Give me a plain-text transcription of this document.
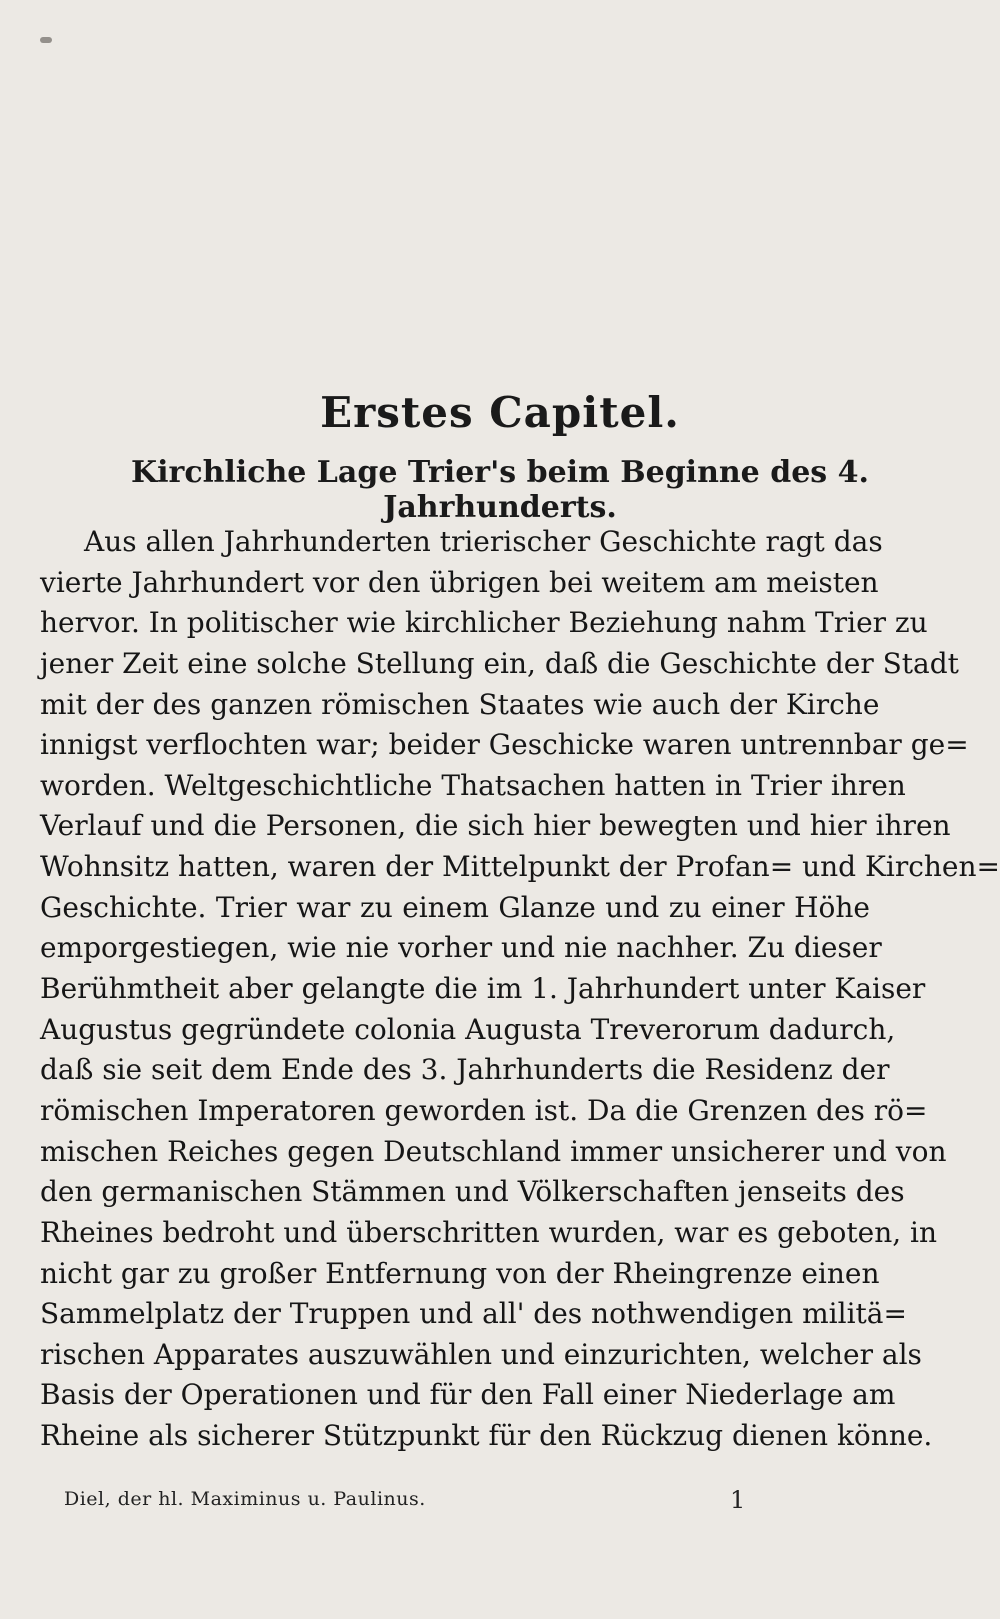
Erstes Capitel.
Kirchliche Lage Trier's beim Beginne des 4. Jahrhunderts.
Aus allen Jahrhunderten trierischer Geschichte ragt das
vierte Jahrhundert vor den übrigen bei weitem am meisten
hervor. In politischer wie kirchlicher Beziehung nahm Trier zu
jener Zeit eine solche Stellung ein, daß die Geschichte der Stadt
mit der des ganzen römischen Staates wie auch der Kirche
innigst verflochten war; beider Geschicke waren untrennbar ge=
worden. Weltgeschichtliche Thatsachen hatten in Trier ihren
Verlauf und die Personen, die sich hier bewegten und hier ihren
Wohnsitz hatten, waren der Mittelpunkt der Profan= und Kirchen=
Geschichte. Trier war zu einem Glanze und zu einer Höhe
emporgestiegen, wie nie vorher und nie nachher. Zu dieser
Berühmtheit aber gelangte die im 1. Jahrhundert unter Kaiser
Augustus gegründete colonia Augusta Treverorum dadurch,
daß sie seit dem Ende des 3. Jahrhunderts die Residenz der
römischen Imperatoren geworden ist. Da die Grenzen des rö=
mischen Reiches gegen Deutschland immer unsicherer und von
den germanischen Stämmen und Völkerschaften jenseits des
Rheines bedroht und überschritten wurden, war es geboten, in
nicht gar zu großer Entfernung von der Rheingrenze einen
Sammelplatz der Truppen und all' des nothwendigen militä=
rischen Apparates auszuwählen und einzurichten, welcher als
Basis der Operationen und für den Fall einer Niederlage am
Rheine als sicherer Stützpunkt für den Rückzug dienen könne.
Diel, der hl. Maximinus u. Paulinus.	1
